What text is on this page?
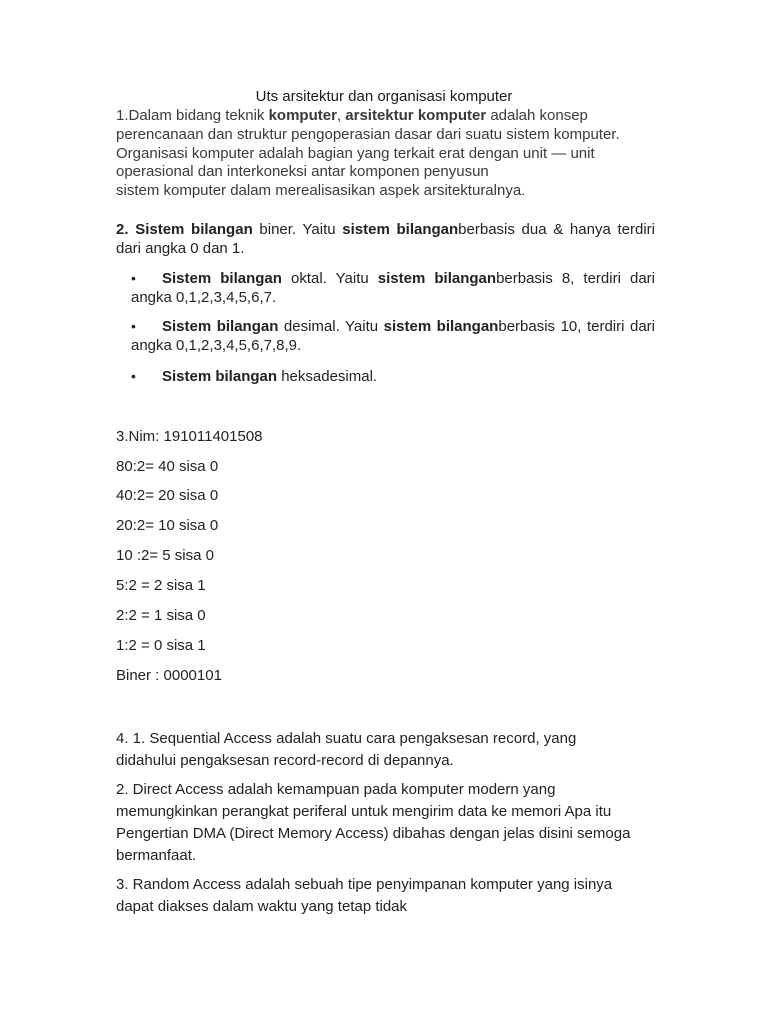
Uts arsitektur dan organisasi komputer
1.Dalam bidang teknik komputer, arsitektur komputer adalah konsep
perencanaan dan struktur pengoperasian dasar dari suatu sistem komputer.
Organisasi komputer adalah bagian yang terkait erat dengan unit — unit
operasional dan interkoneksi antar komponen penyusun
sistem komputer dalam merealisasikan aspek arsitekturalnya.
2. Sistem bilangan biner. Yaitu sistem bilanganberbasis dua & hanya terdiri dari angka 0 dan 1.
•	Sistem bilangan oktal. Yaitu sistem bilanganberbasis 8, terdiri dari angka 0,1,2,3,4,5,6,7.
•	Sistem bilangan desimal. Yaitu sistem bilanganberbasis 10, terdiri dari angka 0,1,2,3,4,5,6,7,8,9.
•	Sistem bilangan heksadesimal.
3.Nim: 191011401508
80:2= 40 sisa 0
40:2= 20 sisa 0
20:2= 10 sisa 0
10 :2= 5 sisa 0
5:2 = 2 sisa 1
2:2 = 1 sisa 0
1:2 = 0 sisa 1
Biner : 0000101
4. 1. Sequential Access adalah suatu cara pengaksesan record, yang
didahului pengaksesan record-record di depannya.
2. Direct Access adalah kemampuan pada komputer modern yang
memungkinkan perangkat periferal untuk mengirim data ke memori Apa itu
Pengertian DMA (Direct Memory Access) dibahas dengan jelas disini semoga
bermanfaat.
3. Random Access adalah sebuah tipe penyimpanan komputer yang isinya
dapat diakses dalam waktu yang tetap tidak
